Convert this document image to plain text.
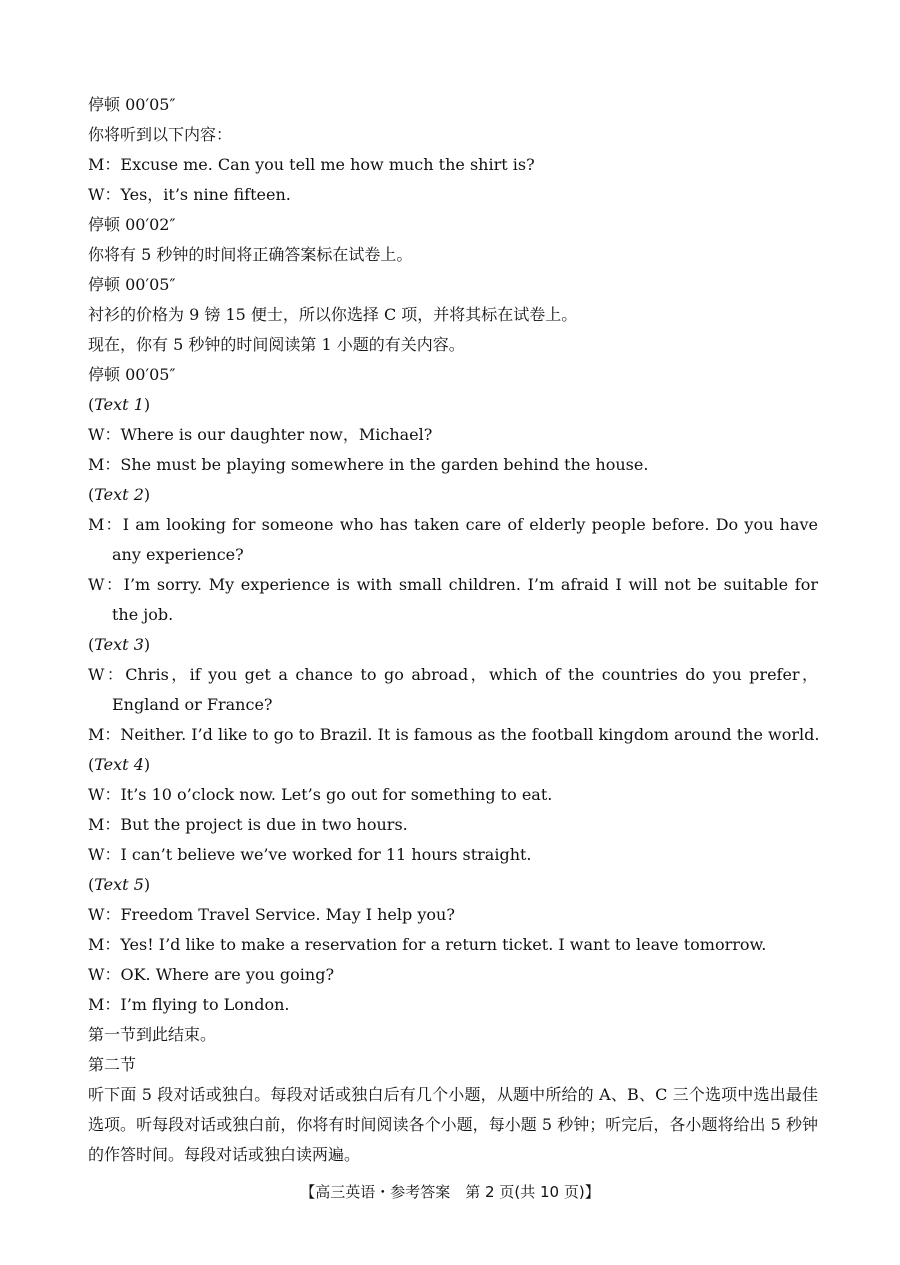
停顿 00′05″
你将听到以下内容：
M：Excuse me. Can you tell me how much the shirt is?
W：Yes，it’s nine fifteen.
停顿 00′02″
你将有 5 秒钟的时间将正确答案标在试卷上。
停顿 00′05″
衬衫的价格为 9 镑 15 便士，所以你选择 C 项，并将其标在试卷上。
现在，你有 5 秒钟的时间阅读第 1 小题的有关内容。
停顿 00′05″
(Text 1)
W：Where is our daughter now，Michael?
M：She must be playing somewhere in the garden behind the house.
(Text 2)
M：I am looking for someone who has taken care of elderly people before. Do you have any experience?
W：I’m sorry. My experience is with small children. I’m afraid I will not be suitable for the job.
(Text 3)
W：Chris，if you get a chance to go abroad，which of the countries do you prefer，England or France?
M：Neither. I’d like to go to Brazil. It is famous as the football kingdom around the world.
(Text 4)
W：It’s 10 o’clock now. Let’s go out for something to eat.
M：But the project is due in two hours.
W：I can’t believe we’ve worked for 11 hours straight.
(Text 5)
W：Freedom Travel Service. May I help you?
M：Yes! I’d like to make a reservation for a return ticket. I want to leave tomorrow.
W：OK. Where are you going?
M：I’m flying to London.
第一节到此结束。
第二节
听下面 5 段对话或独白。每段对话或独白后有几个小题，从题中所给的 A、B、C 三个选项中选出最佳选项。听每段对话或独白前，你将有时间阅读各个小题，每小题 5 秒钟；听完后，各小题将给出 5 秒钟的作答时间。每段对话或独白读两遍。
【高三英语・参考答案　第 2 页(共 10 页)】
